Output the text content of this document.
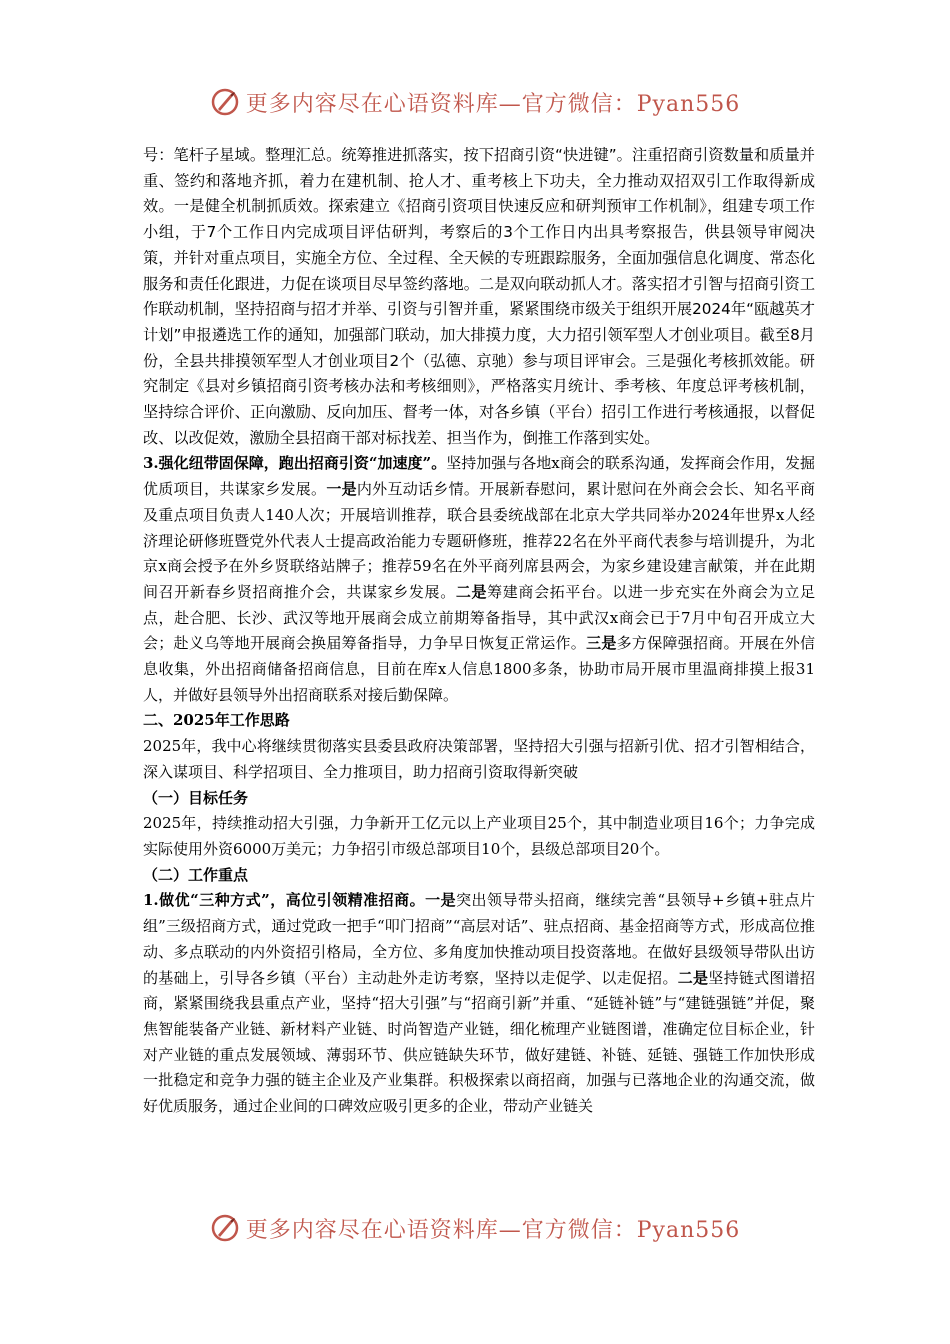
更多内容尽在心语资料库—官方微信：Pyan556

号：笔杆子星域。整理汇总。统筹推进抓落实，按下招商引资“快进键”。注重招商引资数量和质量并重、签约和落地齐抓，着力在建机制、抢人才、重考核上下功夫，全力推动双招双引工作取得新成效。一是健全机制抓质效。探索建立《招商引资项目快速反应和研判预审工作机制》，组建专项工作小组，于7个工作日内完成项目评估研判，考察后的3个工作日内出具考察报告，供县领导审阅决策，并针对重点项目，实施全方位、全过程、全天候的专班跟踪服务，全面加强信息化调度、常态化服务和责任化跟进，力促在谈项目尽早签约落地。二是双向联动抓人才。落实招才引智与招商引资工作联动机制，坚持招商与招才并举、引资与引智并重，紧紧围绕市级关于组织开展2024年“瓯越英才计划”申报遴选工作的通知，加强部门联动，加大排摸力度，大力招引领军型人才创业项目。截至8月份，全县共排摸领军型人才创业项目2个（弘德、京驰）参与项目评审会。三是强化考核抓效能。研究制定《县对乡镇招商引资考核办法和考核细则》，严格落实月统计、季考核、年度总评考核机制，坚持综合评价、正向激励、反向加压、督考一体，对各乡镇（平台）招引工作进行考核通报，以督促改、以改促效，激励全县招商干部对标找差、担当作为，倒推工作落到实处。

3.强化纽带固保障，跑出招商引资“加速度”。坚持加强与各地x商会的联系沟通，发挥商会作用，发掘优质项目，共谋家乡发展。一是内外互动话乡情。开展新春慰问，累计慰问在外商会会长、知名平商及重点项目负责人140人次；开展培训推荐，联合县委统战部在北京大学共同举办2024年世界x人经济理论研修班暨党外代表人士提高政治能力专题研修班，推荐22名在外平商代表参与培训提升，为北京x商会授予在外乡贤联络站牌子；推荐59名在外平商列席县两会，为家乡建设建言献策，并在此期间召开新春乡贤招商推介会，共谋家乡发展。二是筹建商会拓平台。以进一步充实在外商会为立足点，赴合肥、长沙、武汉等地开展商会成立前期筹备指导，其中武汉x商会已于7月中旬召开成立大会；赴义乌等地开展商会换届筹备指导，力争早日恢复正常运作。三是多方保障强招商。开展在外信息收集，外出招商储备招商信息，目前在库x人信息1800多条，协助市局开展市里温商排摸上报31人，并做好县领导外出招商联系对接后勤保障。

二、2025年工作思路

2025年，我中心将继续贯彻落实县委县政府决策部署，坚持招大引强与招新引优、招才引智相结合，深入谋项目、科学招项目、全力推项目，助力招商引资取得新突破

（一）目标任务

2025年，持续推动招大引强，力争新开工亿元以上产业项目25个，其中制造业项目16个；力争完成实际使用外资6000万美元；力争招引市级总部项目10个，县级总部项目20个。

（二）工作重点

1.做优“三种方式”，高位引领精准招商。一是突出领导带头招商，继续完善“县领导+乡镇+驻点片组”三级招商方式，通过党政一把手“叩门招商”“高层对话”、驻点招商、基金招商等方式，形成高位推动、多点联动的内外资招引格局，全方位、多角度加快推动项目投资落地。在做好县级领导带队出访的基础上，引导各乡镇（平台）主动赴外走访考察，坚持以走促学、以走促招。二是坚持链式图谱招商，紧紧围绕我县重点产业，坚持“招大引强”与“招商引新”并重、“延链补链”与“建链强链”并促，聚焦智能装备产业链、新材料产业链、时尚智造产业链，细化梳理产业链图谱，准确定位目标企业，针对产业链的重点发展领域、薄弱环节、供应链缺失环节，做好建链、补链、延链、强链工作加快形成一批稳定和竞争力强的链主企业及产业集群。积极探索以商招商，加强与已落地企业的沟通交流，做好优质服务，通过企业间的口碑效应吸引更多的企业，带动产业链关

更多内容尽在心语资料库—官方微信：Pyan556
